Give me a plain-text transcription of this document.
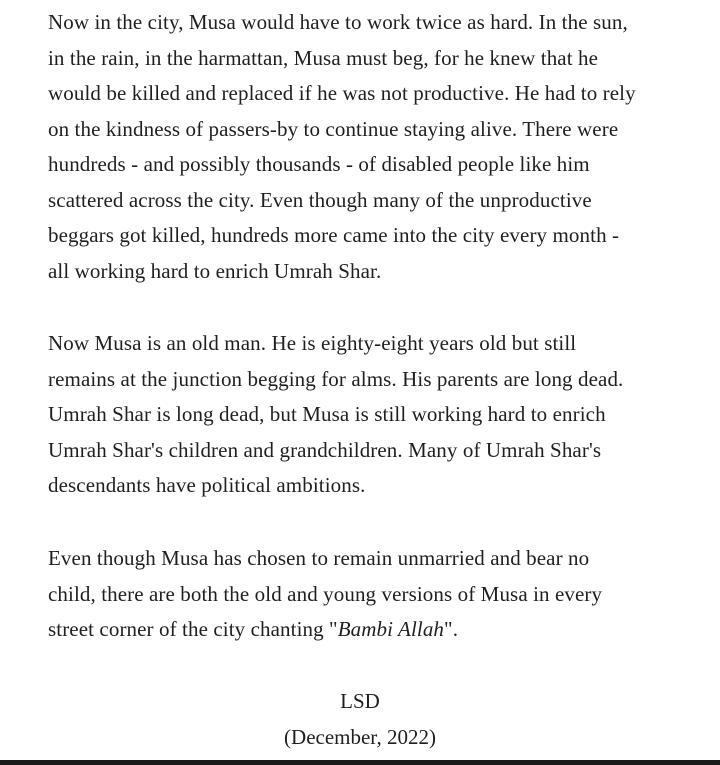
Now in the city, Musa would have to work twice as hard. In the sun,
in the rain, in the harmattan, Musa must beg, for he knew that he
would be killed and replaced if he was not productive. He had to rely
on the kindness of passers-by to continue staying alive. There were
hundreds - and possibly thousands - of disabled people like him
scattered across the city. Even though many of the unproductive
beggars got killed, hundreds more came into the city every month -
all working hard to enrich Umrah Shar.
Now Musa is an old man. He is eighty-eight years old but still
remains at the junction begging for alms. His parents are long dead.
Umrah Shar is long dead, but Musa is still working hard to enrich
Umrah Shar's children and grandchildren. Many of Umrah Shar's
descendants have political ambitions.
Even though Musa has chosen to remain unmarried and bear no
child, there are both the old and young versions of Musa in every
street corner of the city chanting "Bambi Allah".
LSD
(December, 2022)
